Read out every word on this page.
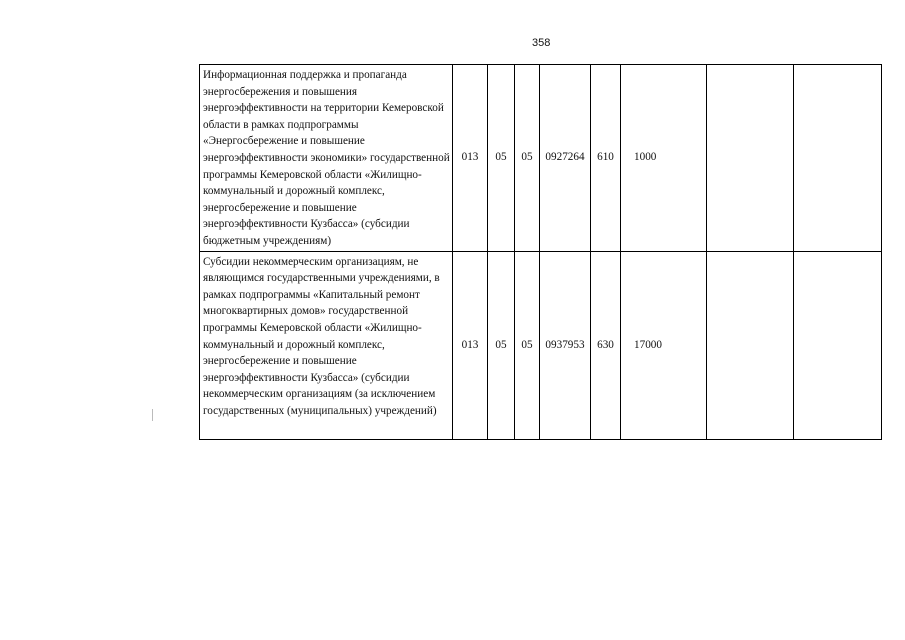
358
Информационная поддержка и пропаганда энергосбережения и повышения энергоэффективности на территории Кемеровской области в рамках подпрограммы «Энергосбережение и повышение энергоэффективности экономики» государственной программы Кемеровской области «Жилищно-коммунальный и дорожный комплекс, энергосбережение и повышение энергоэффективности Кузбасса» (субсидии бюджетным учреждениям)	013	05	05	0927264	610	1000		
Субсидии некоммерческим организациям, не являющимся государственными учреждениями, в рамках подпрограммы «Капитальный ремонт многоквартирных домов» государственной программы Кемеровской области «Жилищно-коммунальный и дорожный комплекс, энергосбережение и повышение энергоэффективности Кузбасса» (субсидии некоммерческим организациям (за исключением государственных (муниципальных) учреждений)	013	05	05	0937953	630	17000		
